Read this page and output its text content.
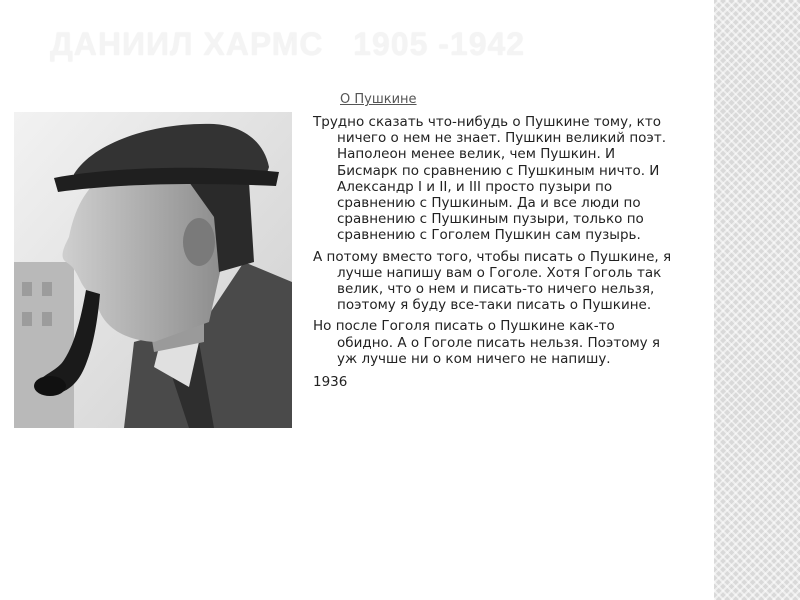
ДАНИИЛ ХАРМС   1905 -1942
О Пушкине

Трудно сказать что-нибудь о Пушкине тому, кто ничего о нем не знает. Пушкин великий поэт. Наполеон менее велик, чем Пушкин. И Бисмарк по сравнению с Пушкиным ничто. И Александр I и II, и III просто пузыри по сравнению с Пушкиным. Да и все люди по сравнению с Пушкиным пузыри, только по сравнению с Гоголем Пушкин сам пузырь.

А потому вместо того, чтобы писать о Пушкине, я лучше напишу вам о Гоголе. Хотя Гоголь так велик, что о нем и писать-то ничего нельзя, поэтому я буду все-таки писать о Пушкине.

Но после Гоголя писать о Пушкине как-то обидно. А о Гоголе писать нельзя. Поэтому я уж лучше ни о ком ничего не напишу.

1936
